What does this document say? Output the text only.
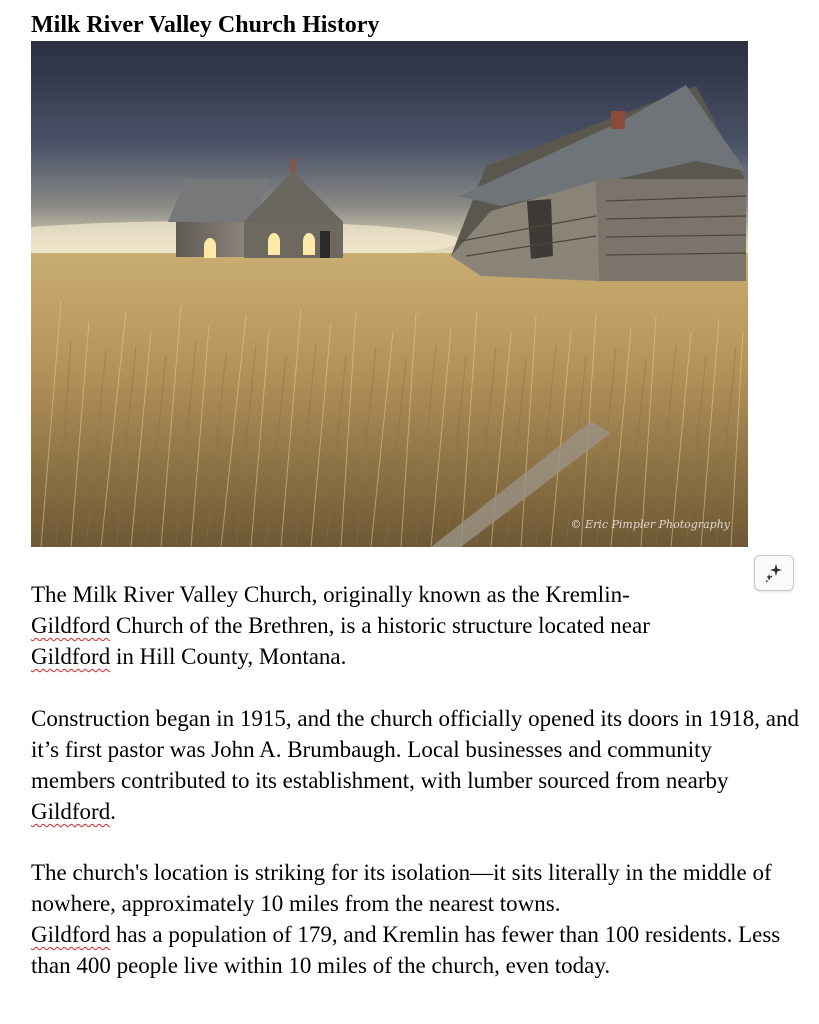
Milk River Valley Church History
© Eric Pimpler Photography

The Milk River Valley Church, originally known as the Kremlin-
Gildford Church of the Brethren, is a historic structure located near
Gildford in Hill County, Montana.

Construction began in 1915, and the church officially opened its doors in 1918, and it’s first pastor was John A. Brumbaugh. Local businesses and community members contributed to its establishment, with lumber sourced from nearby Gildford.

The church's location is striking for its isolation—it sits literally in the middle of nowhere, approximately 10 miles from the nearest towns.
Gildford has a population of 179, and Kremlin has fewer than 100 residents. Less than 400 people live within 10 miles of the church, even today.
